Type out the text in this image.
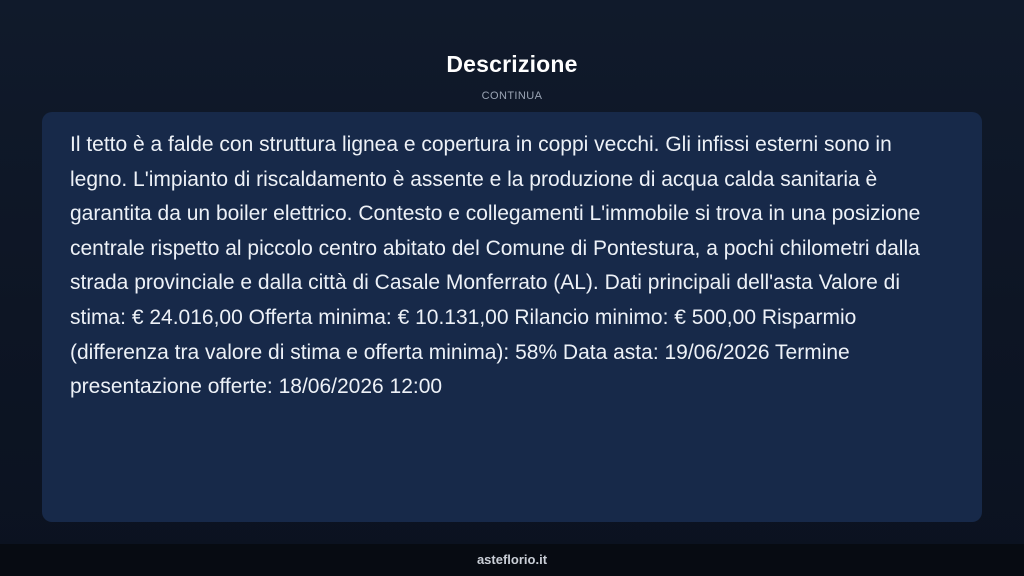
Descrizione
CONTINUA

Il tetto è a falde con struttura lignea e copertura in coppi vecchi. Gli infissi esterni sono in legno. L'impianto di riscaldamento è assente e la produzione di acqua calda sanitaria è garantita da un boiler elettrico. Contesto e collegamenti L'immobile si trova in una posizione centrale rispetto al piccolo centro abitato del Comune di Pontestura, a pochi chilometri dalla strada provinciale e dalla città di Casale Monferrato (AL). Dati principali dell'asta Valore di stima: € 24.016,00 Offerta minima: € 10.131,00 Rilancio minimo: € 500,00 Risparmio (differenza tra valore di stima e offerta minima): 58% Data asta: 19/06/2026 Termine presentazione offerte: 18/06/2026 12:00

asteflorio.it
